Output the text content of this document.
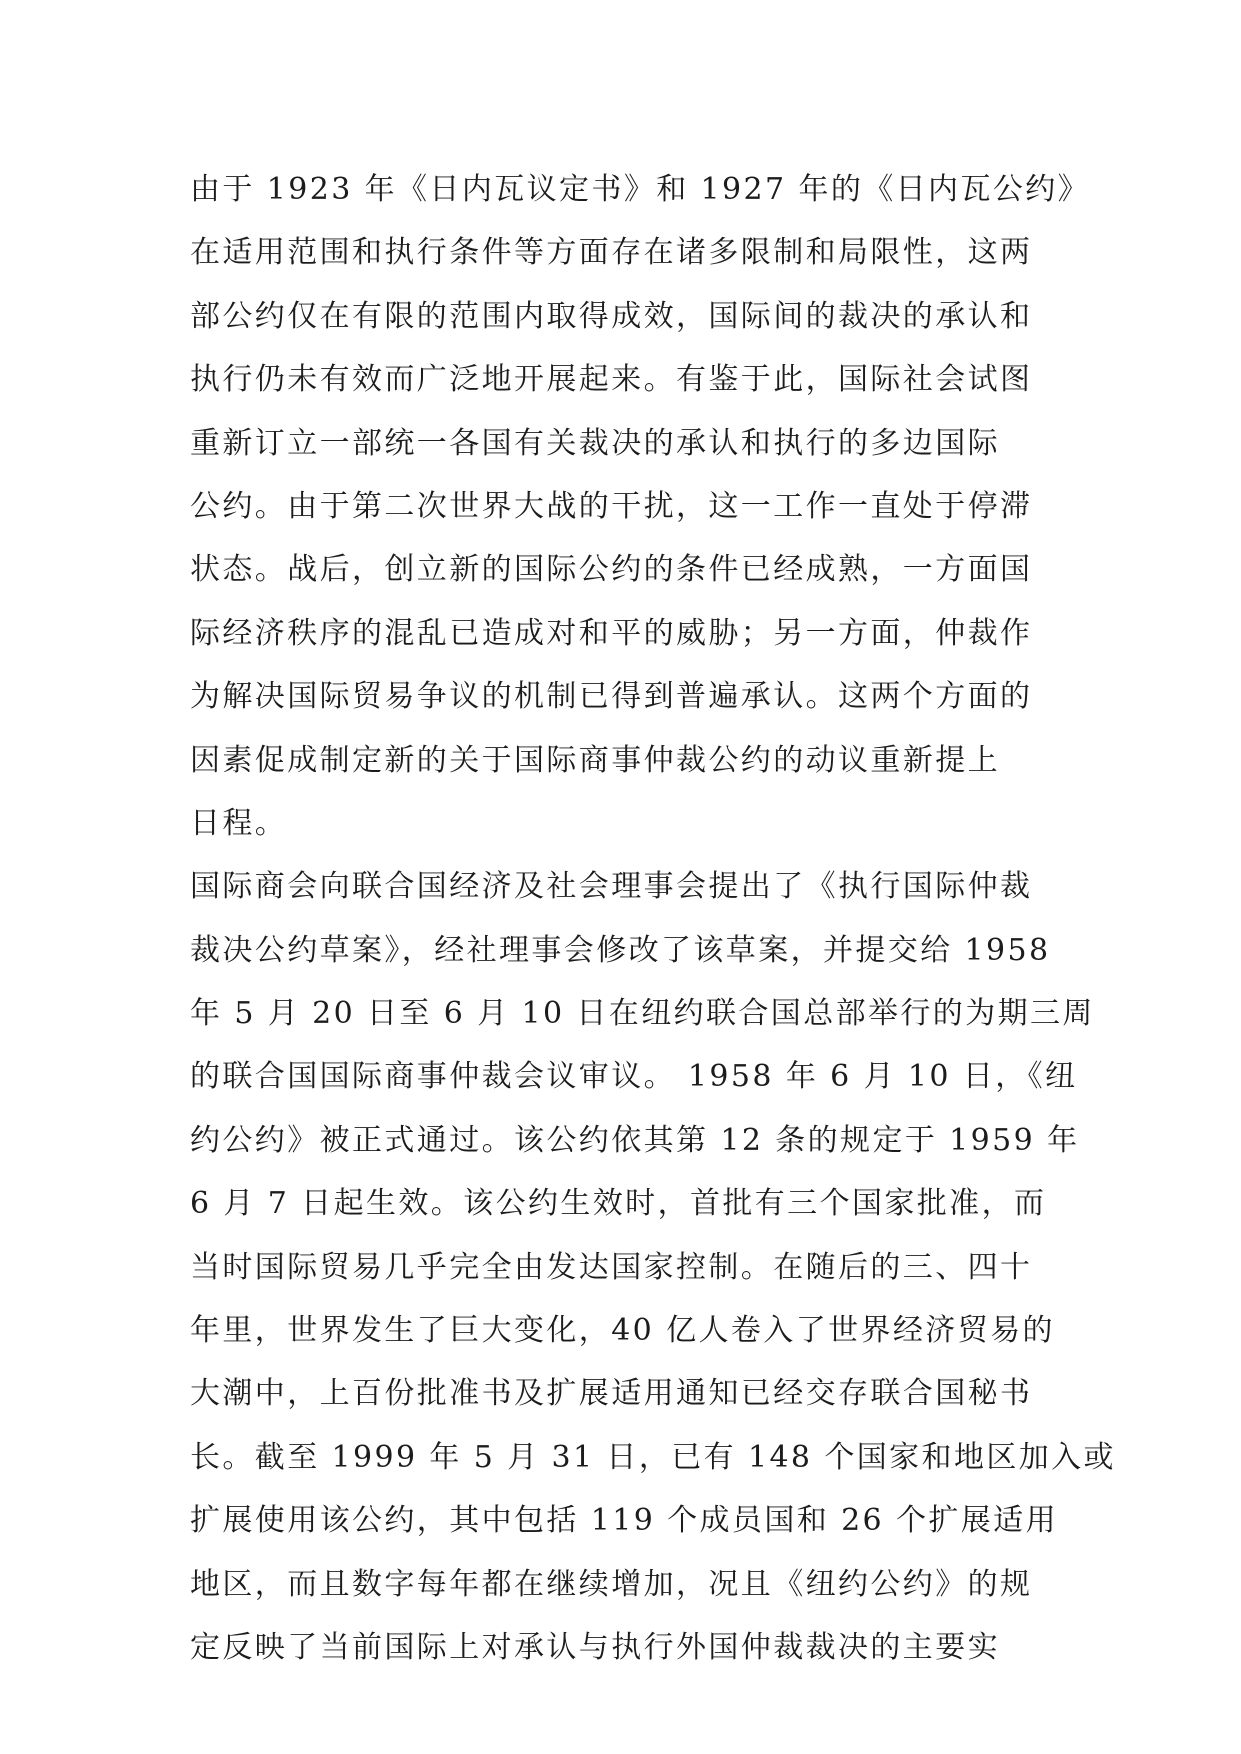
由于 1923 年《日内瓦议定书》和 1927 年的《日内瓦公约》
在适用范围和执行条件等方面存在诸多限制和局限性，这两
部公约仅在有限的范围内取得成效，国际间的裁决的承认和
执行仍未有效而广泛地开展起来。有鉴于此，国际社会试图
重新订立一部统一各国有关裁决的承认和执行的多边国际
公约。由于第二次世界大战的干扰，这一工作一直处于停滞
状态。战后，创立新的国际公约的条件已经成熟，一方面国
际经济秩序的混乱已造成对和平的威胁；另一方面，仲裁作
为解决国际贸易争议的机制已得到普遍承认。这两个方面的
因素促成制定新的关于国际商事仲裁公约的动议重新提上
日程。
国际商会向联合国经济及社会理事会提出了《执行国际仲裁
裁决公约草案》，经社理事会修改了该草案，并提交给 1958
年 5 月 20 日至 6 月 10 日在纽约联合国总部举行的为期三周
的联合国国际商事仲裁会议审议。 1958 年 6 月 10 日，《纽
约公约》被正式通过。该公约依其第 12 条的规定于 1959 年
6 月 7 日起生效。该公约生效时，首批有三个国家批准，而
当时国际贸易几乎完全由发达国家控制。在随后的三、四十
年里，世界发生了巨大变化，40 亿人卷入了世界经济贸易的
大潮中，上百份批准书及扩展适用通知已经交存联合国秘书
长。截至 1999 年 5 月 31 日，已有 148 个国家和地区加入或
扩展使用该公约，其中包括 119 个成员国和 26 个扩展适用
地区，而且数字每年都在继续增加，况且《纽约公约》的规
定反映了当前国际上对承认与执行外国仲裁裁决的主要实
